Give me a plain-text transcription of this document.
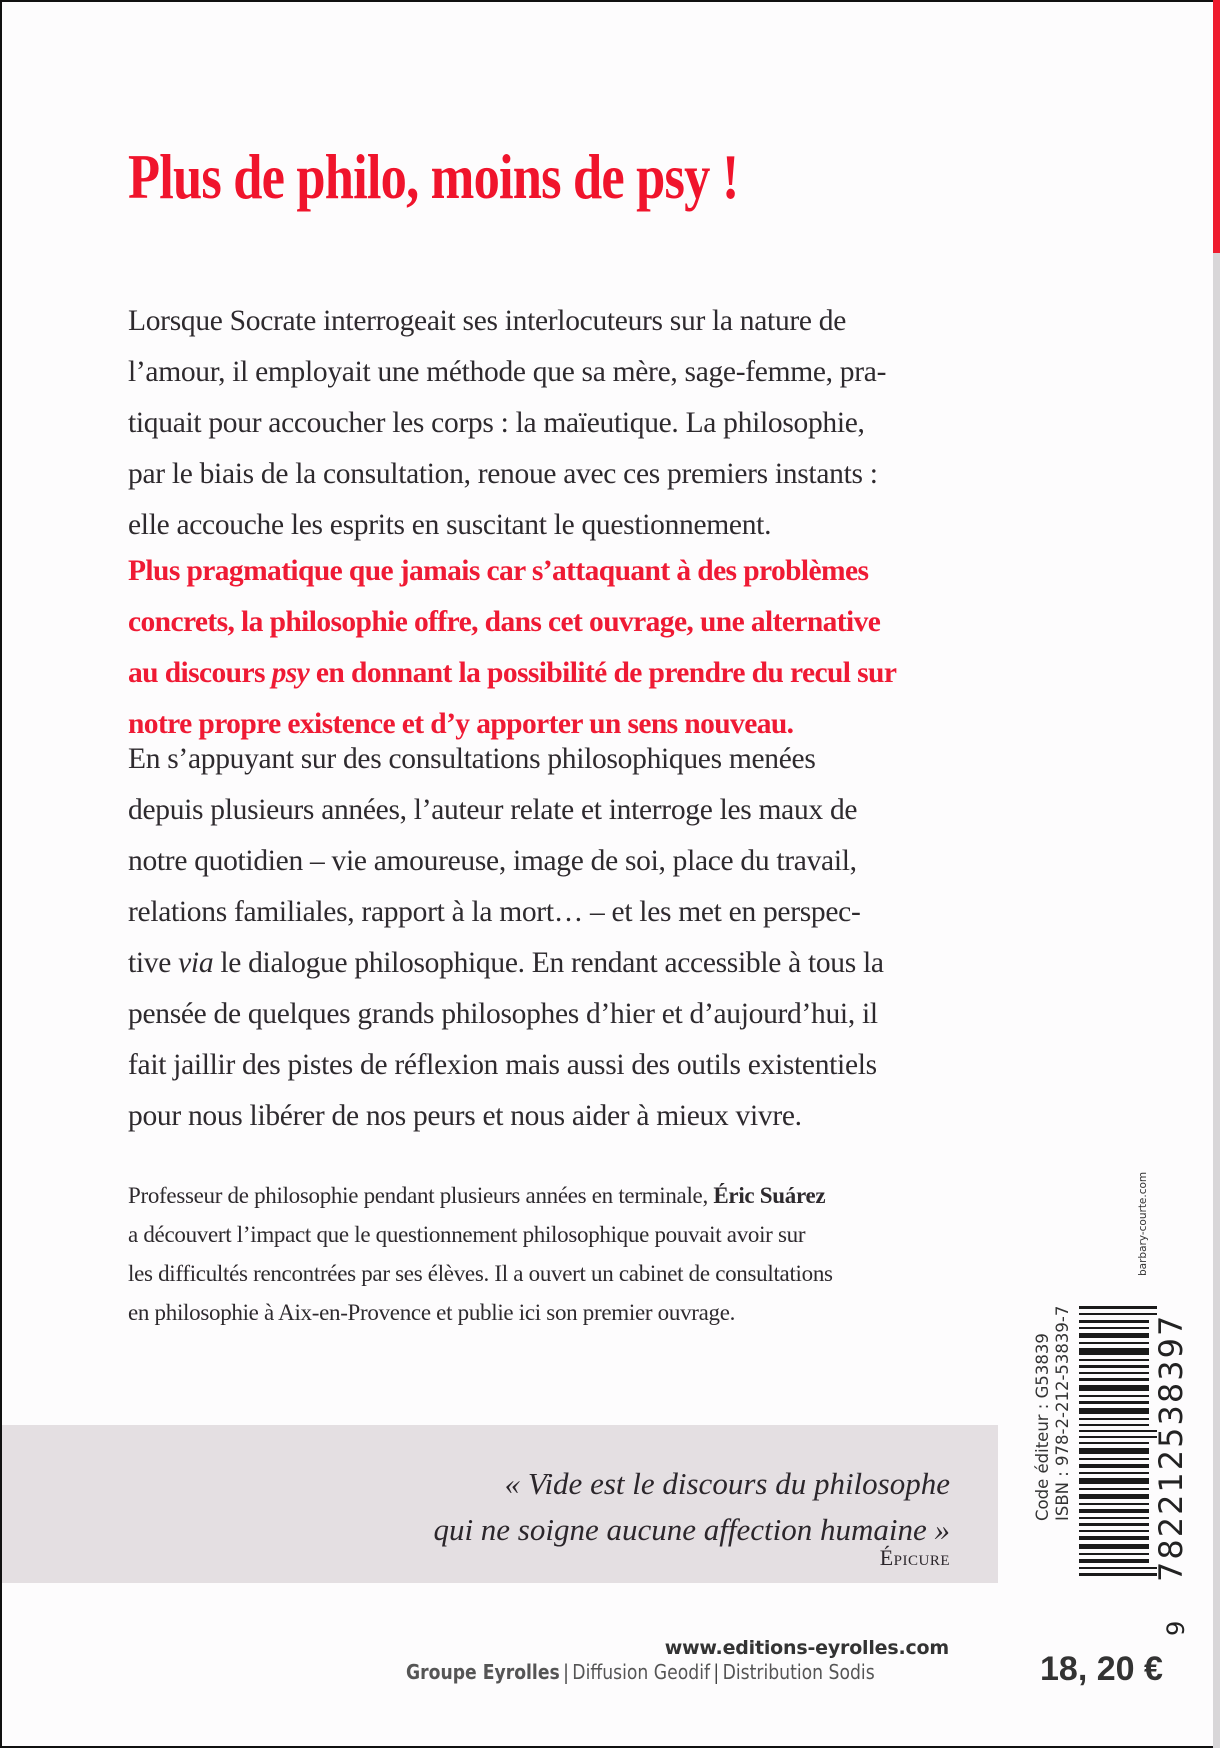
Plus de philo, moins de psy !

Lorsque Socrate interrogeait ses interlocuteurs sur la nature de
l’amour, il employait une méthode que sa mère, sage-femme, pra-
tiquait pour accoucher les corps : la maïeutique. La philosophie,
par le biais de la consultation, renoue avec ces premiers instants :
elle accouche les esprits en suscitant le questionnement.

Plus pragmatique que jamais car s’attaquant à des problèmes
concrets, la philosophie offre, dans cet ouvrage, une alternative
au discours psy en donnant la possibilité de prendre du recul sur
notre propre existence et d’y apporter un sens nouveau.

En s’appuyant sur des consultations philosophiques menées
depuis plusieurs années, l’auteur relate et interroge les maux de
notre quotidien – vie amoureuse, image de soi, place du travail,
relations familiales, rapport à la mort… – et les met en perspec-
tive via le dialogue philosophique. En rendant accessible à tous la
pensée de quelques grands philosophes d’hier et d’aujourd’hui, il
fait jaillir des pistes de réflexion mais aussi des outils existentiels
pour nous libérer de nos peurs et nous aider à mieux vivre.

Professeur de philosophie pendant plusieurs années en terminale, Éric Suárez
a découvert l’impact que le questionnement philosophique pouvait avoir sur
les difficultés rencontrées par ses élèves. Il a ouvert un cabinet de consultations
en philosophie à Aix-en-Provence et publie ici son premier ouvrage.

« Vide est le discours du philosophe
qui ne soigne aucune affection humaine »
Épicure
barbary-courte.com
Code éditeur : G53839 ISBN : 978-2-212-53839-7	782212538397
9
www.editions-eyrolles.com
Groupe Eyrolles | Diffusion Geodif | Distribution Sodis	18, 20 €
